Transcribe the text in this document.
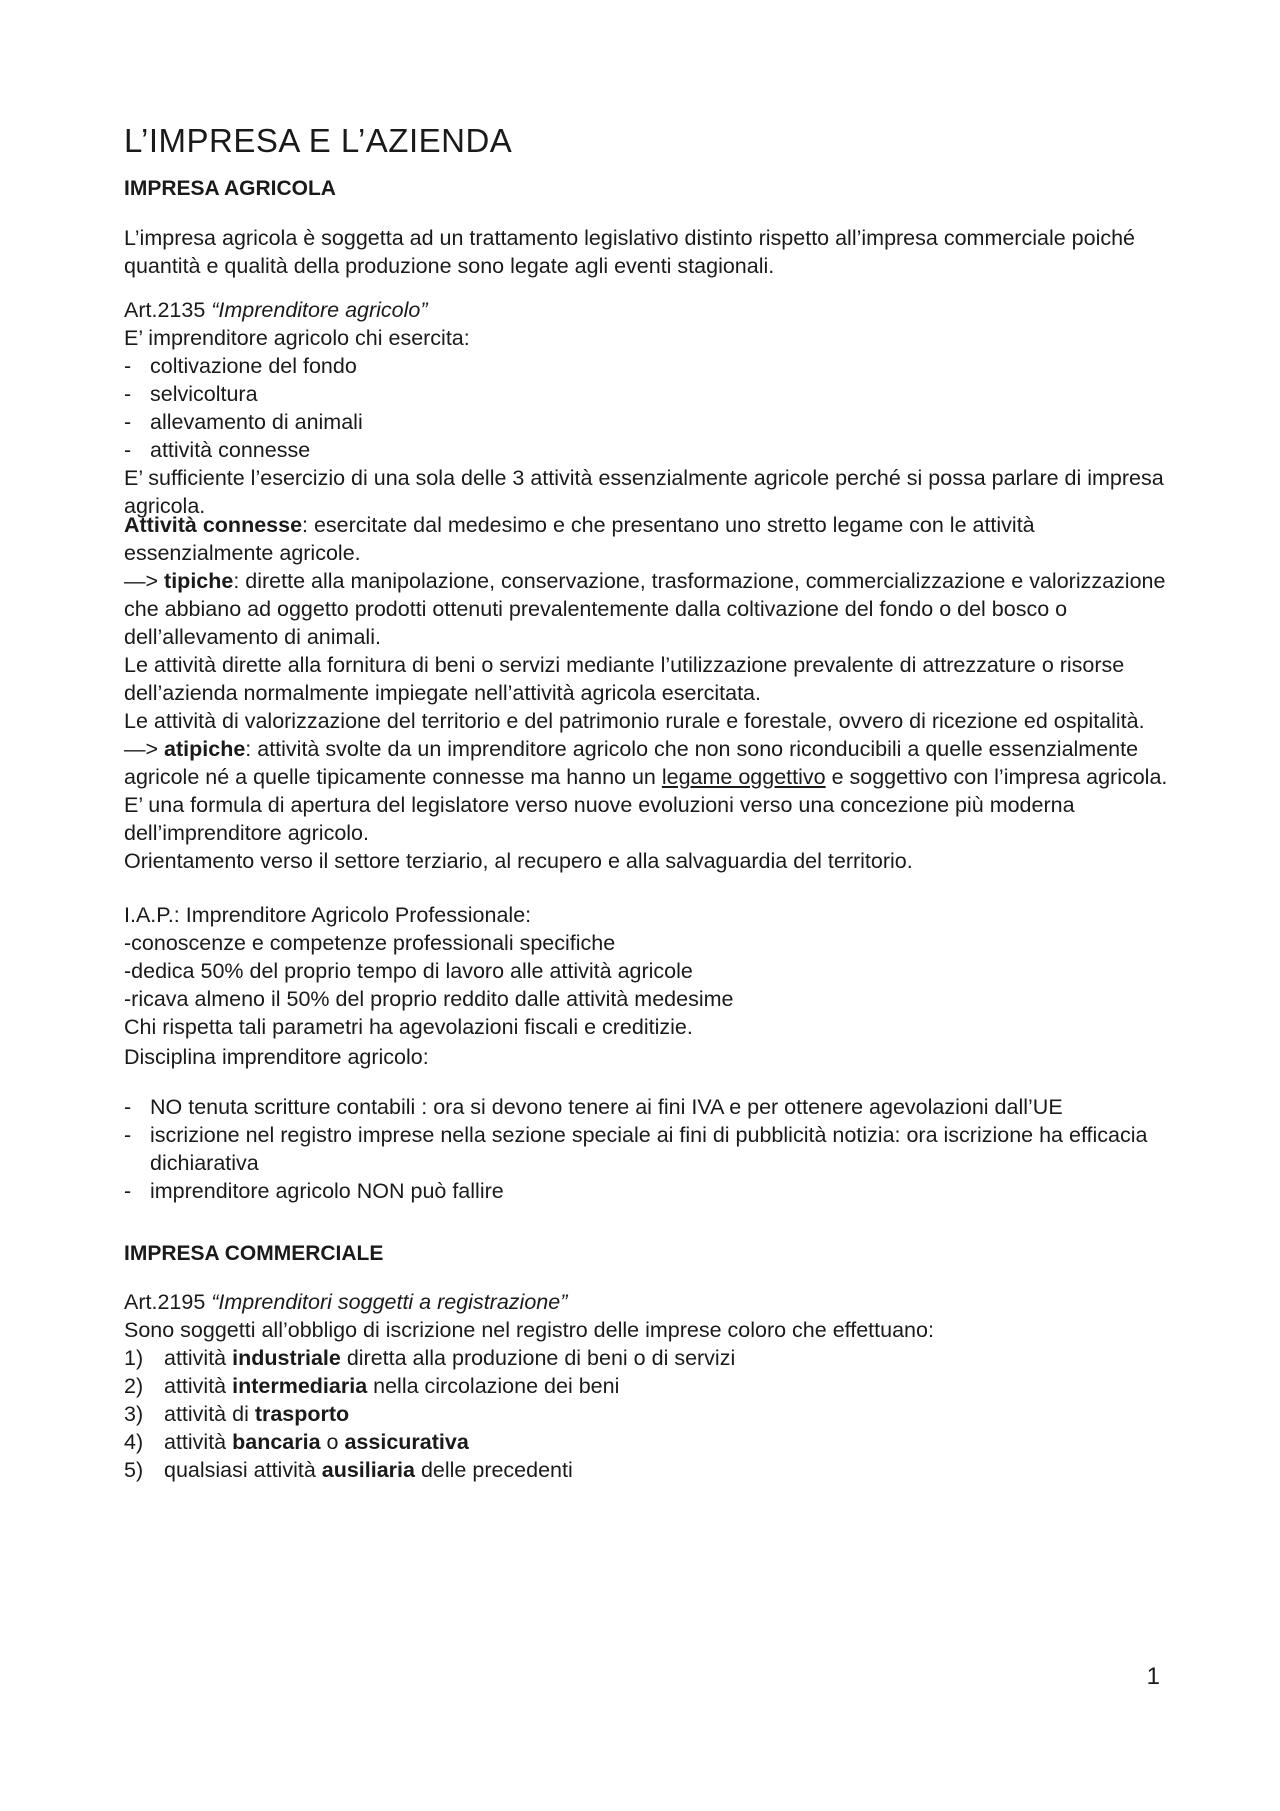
L’IMPRESA E L’AZIENDA
IMPRESA AGRICOLA

L’impresa agricola è soggetta ad un trattamento legislativo distinto rispetto all’impresa commerciale poiché quantità e qualità della produzione sono legate agli eventi stagionali.

Art.2135 “Imprenditore agricolo”
E’ imprenditore agricolo chi esercita:
- coltivazione del fondo
- selvicoltura
- allevamento di animali
- attività connesse
E’ sufficiente l’esercizio di una sola delle 3 attività essenzialmente agricole perché si possa parlare di impresa agricola.
Attività connesse: esercitate dal medesimo e che presentano uno stretto legame con le attività essenzialmente agricole.
—> tipiche: dirette alla manipolazione, conservazione, trasformazione, commercializzazione e valorizzazione che abbiano ad oggetto prodotti ottenuti prevalentemente dalla coltivazione del fondo o del bosco o dell’allevamento di animali.
Le attività dirette alla fornitura di beni o servizi mediante l’utilizzazione prevalente di attrezzature o risorse dell’azienda normalmente impiegate nell’attività agricola esercitata.
Le attività di valorizzazione del territorio e del patrimonio rurale e forestale, ovvero di ricezione ed ospitalità.
—> atipiche: attività svolte da un imprenditore agricolo che non sono riconducibili a quelle essenzialmente agricole né a quelle tipicamente connesse ma hanno un legame oggettivo e soggettivo con l’impresa agricola.
E’ una formula di apertura del legislatore verso nuove evoluzioni verso una concezione più moderna dell’imprenditore agricolo.
Orientamento verso il settore terziario, al recupero e alla salvaguardia del territorio.
I.A.P.: Imprenditore Agricolo Professionale:
-conoscenze e competenze professionali specifiche
-dedica 50% del proprio tempo di lavoro alle attività agricole
-ricava almeno il 50% del proprio reddito dalle attività medesime
Chi rispetta tali parametri ha agevolazioni fiscali e creditizie.

Disciplina imprenditore agricolo:

- NO tenuta scritture contabili : ora si devono tenere ai fini IVA e per ottenere agevolazioni dall’UE
- iscrizione nel registro imprese nella sezione speciale ai fini di pubblicità notizia: ora iscrizione ha efficacia dichiarativa
- imprenditore agricolo NON può fallire
IMPRESA COMMERCIALE
Art.2195 “Imprenditori soggetti a registrazione”
Sono soggetti all’obbligo di iscrizione nel registro delle imprese coloro che effettuano:
1) attività industriale diretta alla produzione di beni o di servizi
2) attività intermediaria nella circolazione dei beni
3) attività di trasporto
4) attività bancaria o assicurativa
5) qualsiasi attività ausiliaria delle precedenti
1
